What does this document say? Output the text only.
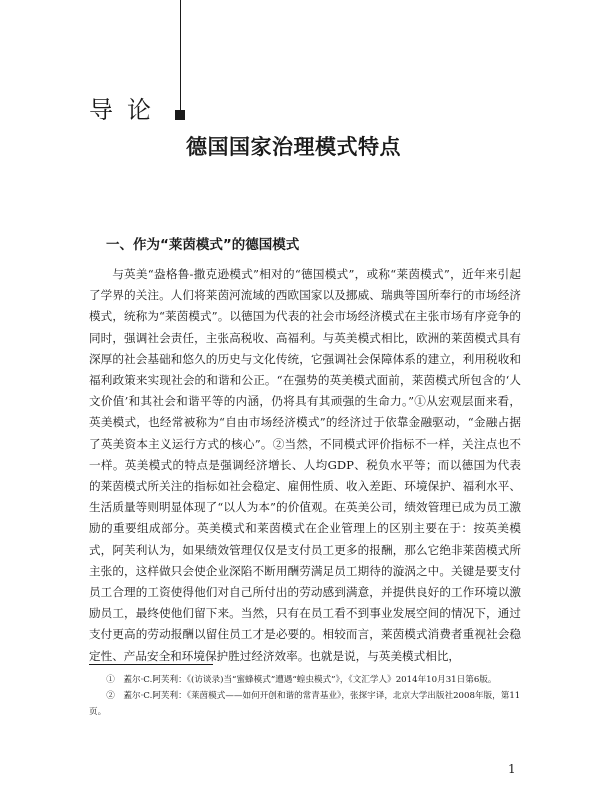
导论
德国国家治理模式特点
一、作为“莱茵模式”的德国模式

与英美“盎格鲁-撒克逊模式”相对的“德国模式”，或称“莱茵模式”，近年来引起了学界的关注。人们将莱茵河流域的西欧国家以及挪威、瑞典等国所奉行的市场经济模式，统称为“莱茵模式”。以德国为代表的社会市场经济模式在主张市场有序竞争的同时，强调社会责任，主张高税收、高福利。与英美模式相比，欧洲的莱茵模式具有深厚的社会基础和悠久的历史与文化传统，它强调社会保障体系的建立，利用税收和福利政策来实现社会的和谐和公正。“在强势的英美模式面前，莱茵模式所包含的‘人文价值’和其社会和谐平等的内涵，仍将具有其顽强的生命力。”①从宏观层面来看，英美模式，也经常被称为“自由市场经济模式”的经济过于依靠金融驱动，“金融占据了英美资本主义运行方式的核心”。②当然，不同模式评价指标不一样，关注点也不一样。英美模式的特点是强调经济增长、人均GDP、税负水平等；而以德国为代表的莱茵模式所关注的指标如社会稳定、雇佣性质、收入差距、环境保护、福利水平、生活质量等则明显体现了“以人为本”的价值观。在英美公司，绩效管理已成为员工激励的重要组成部分。英美模式和莱茵模式在企业管理上的区别主要在于：按英美模式，阿芙利认为，如果绩效管理仅仅是支付员工更多的报酬，那么它绝非莱茵模式所主张的，这样做只会使企业深陷不断用酬劳满足员工期待的漩涡之中。关键是要支付员工合理的工资使得他们对自己所付出的劳动感到满意，并提供良好的工作环境以激励员工，最终使他们留下来。当然，只有在员工看不到事业发展空间的情况下，通过支付更高的劳动报酬以留住员工才是必要的。相较而言，莱茵模式消费者重视社会稳定性、产品安全和环境保护胜过经济效率。也就是说，与英美模式相比，

①　蓋尔·C.阿芙利：《(访谈录)当“蜜蜂模式”遭遇“蝗虫模式”》，《文汇学人》2014年10月31日第6版。
②　蓋尔·C.阿芙利：《莱茵模式——如何开创和谐的常青基业》，张探宇译，北京大学出版社2008年版，第11页。
1
